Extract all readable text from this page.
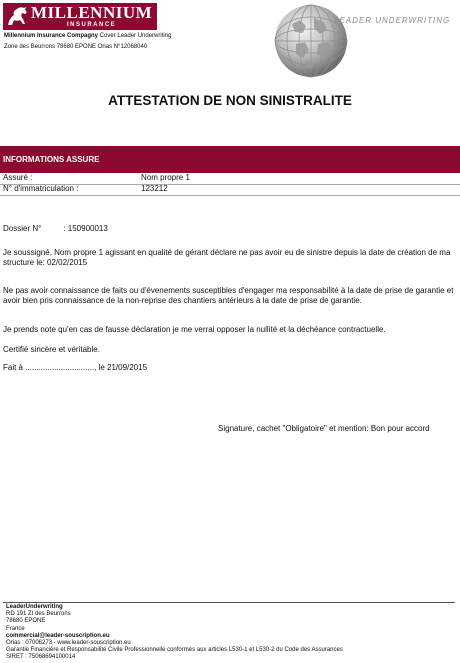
MILLENNIUM
INSURANCE
Millennium Insurance Compagny Cover Leader Underwriting
Zone des Beurrons 78680 EPONE Orias N°12068040
LEADER UNDERWRITING
ATTESTATION DE NON SINISTRALITE
INFORMATIONS ASSURE
Assuré :	Nom propre 1
N° d'immatriculation :	123212
Dossier N°	: 150900013
Je soussigné, Nom propre 1 agissant en qualité de gérant déclare ne pas avoir eu de sinistre depuis la date de création de ma structure le: 02/02/2015
Ne pas avoir connaissance de faits ou d'évenements susceptibles d'engager ma responsabilité à la date de prise de garantie et avoir bien pris connaissance de la non-reprise des chantiers antérieurs à la date de prise de garantie.
Je prends note qu'en cas de fausse déclaration je me verrai opposer la nullité et la déchéance contractuelle.
Certifié sincère et véritable.
Fait à ..............................., le 21/09/2015
Signature, cachet "Obligatoire" et mention: Bon pour accord
LeaderUnderwriting
RD 191 ZI des Beurrons
78680 EPONE
France
commercial@leader-souscription.eu
Orias : 07006273 - www.leader-souscription.eu
Garantie Financière et Responsabilité Civile Professionnelle conformes aux articles L530-1 et L530-2 du Code des Assurances
SIRET : 75068694100014
